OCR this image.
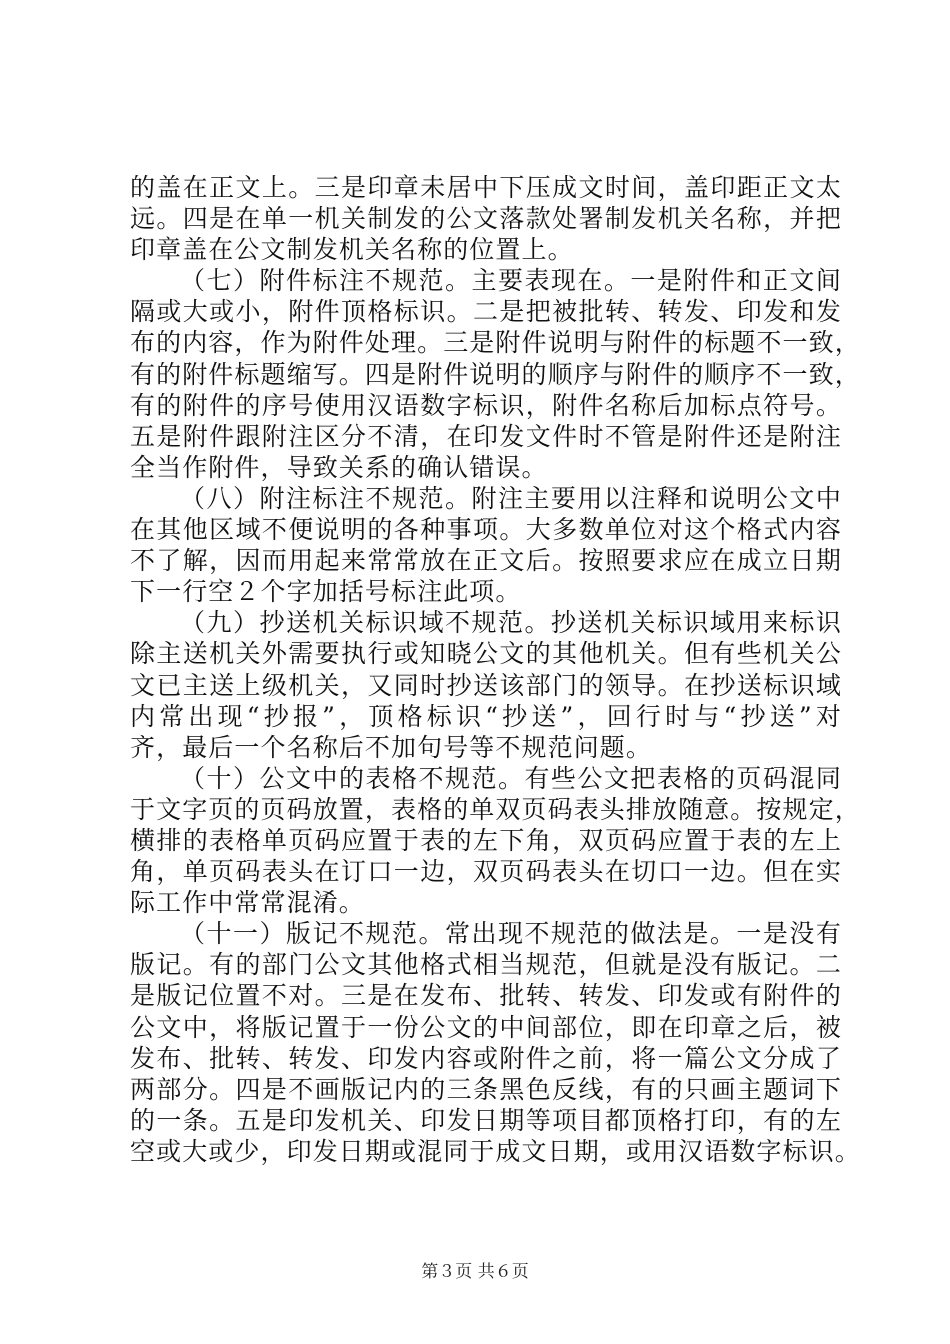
的盖在正文上。三是印章未居中下压成文时间，盖印距正文太
远。四是在单一机关制发的公文落款处署制发机关名称，并把
印章盖在公文制发机关名称的位置上。
（七）附件标注不规范。主要表现在。一是附件和正文间
隔或大或小，附件顶格标识。二是把被批转、转发、印发和发
布的内容，作为附件处理。三是附件说明与附件的标题不一致，
有的附件标题缩写。四是附件说明的顺序与附件的顺序不一致，
有的附件的序号使用汉语数字标识，附件名称后加标点符号。
五是附件跟附注区分不清，在印发文件时不管是附件还是附注
全当作附件，导致关系的确认错误。
（八）附注标注不规范。附注主要用以注释和说明公文中
在其他区域不便说明的各种事项。大多数单位对这个格式内容
不了解，因而用起来常常放在正文后。按照要求应在成立日期
下一行空２个字加括号标注此项。
（九）抄送机关标识域不规范。抄送机关标识域用来标识
除主送机关外需要执行或知晓公文的其他机关。但有些机关公
文已主送上级机关，又同时抄送该部门的领导。在抄送标识域
内常出现“抄报”，顶格标识“抄送”，回行时与“抄送”对
齐，最后一个名称后不加句号等不规范问题。
（十）公文中的表格不规范。有些公文把表格的页码混同
于文字页的页码放置，表格的单双页码表头排放随意。按规定，
横排的表格单页码应置于表的左下角，双页码应置于表的左上
角，单页码表头在订口一边，双页码表头在切口一边。但在实
际工作中常常混淆。
（十一）版记不规范。常出现不规范的做法是。一是没有
版记。有的部门公文其他格式相当规范，但就是没有版记。二
是版记位置不对。三是在发布、批转、转发、印发或有附件的
公文中，将版记置于一份公文的中间部位，即在印章之后，被
发布、批转、转发、印发内容或附件之前，将一篇公文分成了
两部分。四是不画版记内的三条黑色反线，有的只画主题词下
的一条。五是印发机关、印发日期等项目都顶格打印，有的左
空或大或少，印发日期或混同于成文日期，或用汉语数字标识。
第３页 共６页
